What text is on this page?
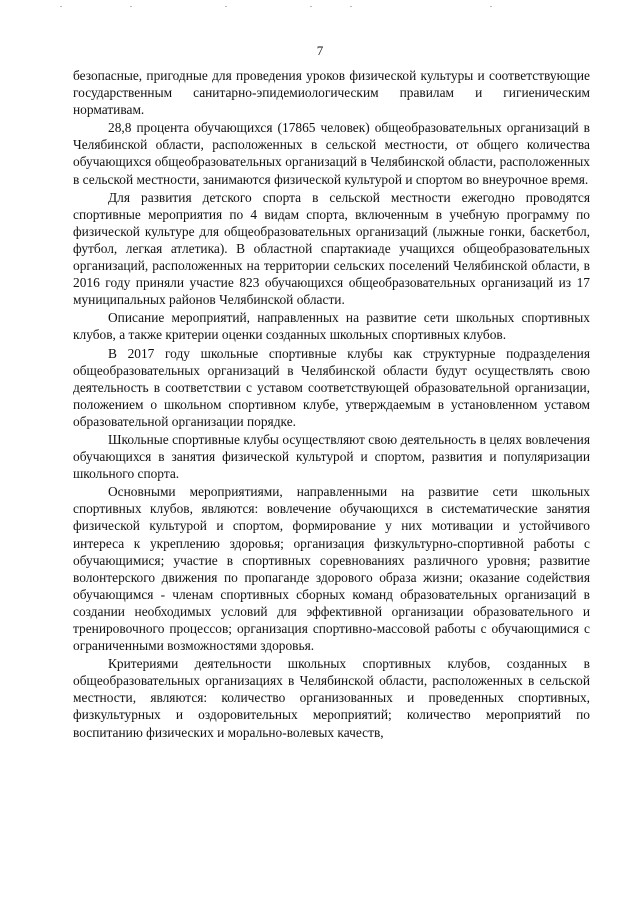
7

безопасные, пригодные для проведения уроков физической культуры и соответствующие государственным санитарно-эпидемиологическим правилам и гигиеническим нормативам.

28,8 процента обучающихся (17865 человек) общеобразовательных организаций в Челябинской области, расположенных в сельской местности, от общего количества обучающихся общеобразовательных организаций в Челябинской области, расположенных в сельской местности, занимаются физической культурой и спортом во внеурочное время.

Для развития детского спорта в сельской местности ежегодно проводятся спортивные мероприятия по 4 видам спорта, включенным в учебную программу по физической культуре для общеобразовательных организаций (лыжные гонки, баскетбол, футбол, легкая атлетика). В областной спартакиаде учащихся общеобразовательных организаций, расположенных на территории сельских поселений Челябинской области, в 2016 году приняли участие 823 обучающихся общеобразовательных организаций из 17 муниципальных районов Челябинской области.

Описание мероприятий, направленных на развитие сети школьных спортивных клубов, а также критерии оценки созданных школьных спортивных клубов.

В 2017 году школьные спортивные клубы как структурные подразделения общеобразовательных организаций в Челябинской области будут осуществлять свою деятельность в соответствии с уставом соответствующей образовательной организации, положением о школьном спортивном клубе, утверждаемым в установленном уставом образовательной организации порядке.

Школьные спортивные клубы осуществляют свою деятельность в целях вовлечения обучающихся в занятия физической культурой и спортом, развития и популяризации школьного спорта.

Основными мероприятиями, направленными на развитие сети школьных спортивных клубов, являются: вовлечение обучающихся в систематические занятия физической культурой и спортом, формирование у них мотивации и устойчивого интереса к укреплению здоровья; организация физкультурно-спортивной работы с обучающимися; участие в спортивных соревнованиях различного уровня; развитие волонтерского движения по пропаганде здорового образа жизни; оказание содействия обучающимся - членам спортивных сборных команд образовательных организаций в создании необходимых условий для эффективной организации образовательного и тренировочного процессов; организация спортивно-массовой работы с обучающимися с ограниченными возможностями здоровья.

Критериями деятельности школьных спортивных клубов, созданных в общеобразовательных организациях в Челябинской области, расположенных в сельской местности, являются: количество организованных и проведенных спортивных, физкультурных и оздоровительных мероприятий; количество мероприятий по воспитанию физических и морально-волевых качеств,
